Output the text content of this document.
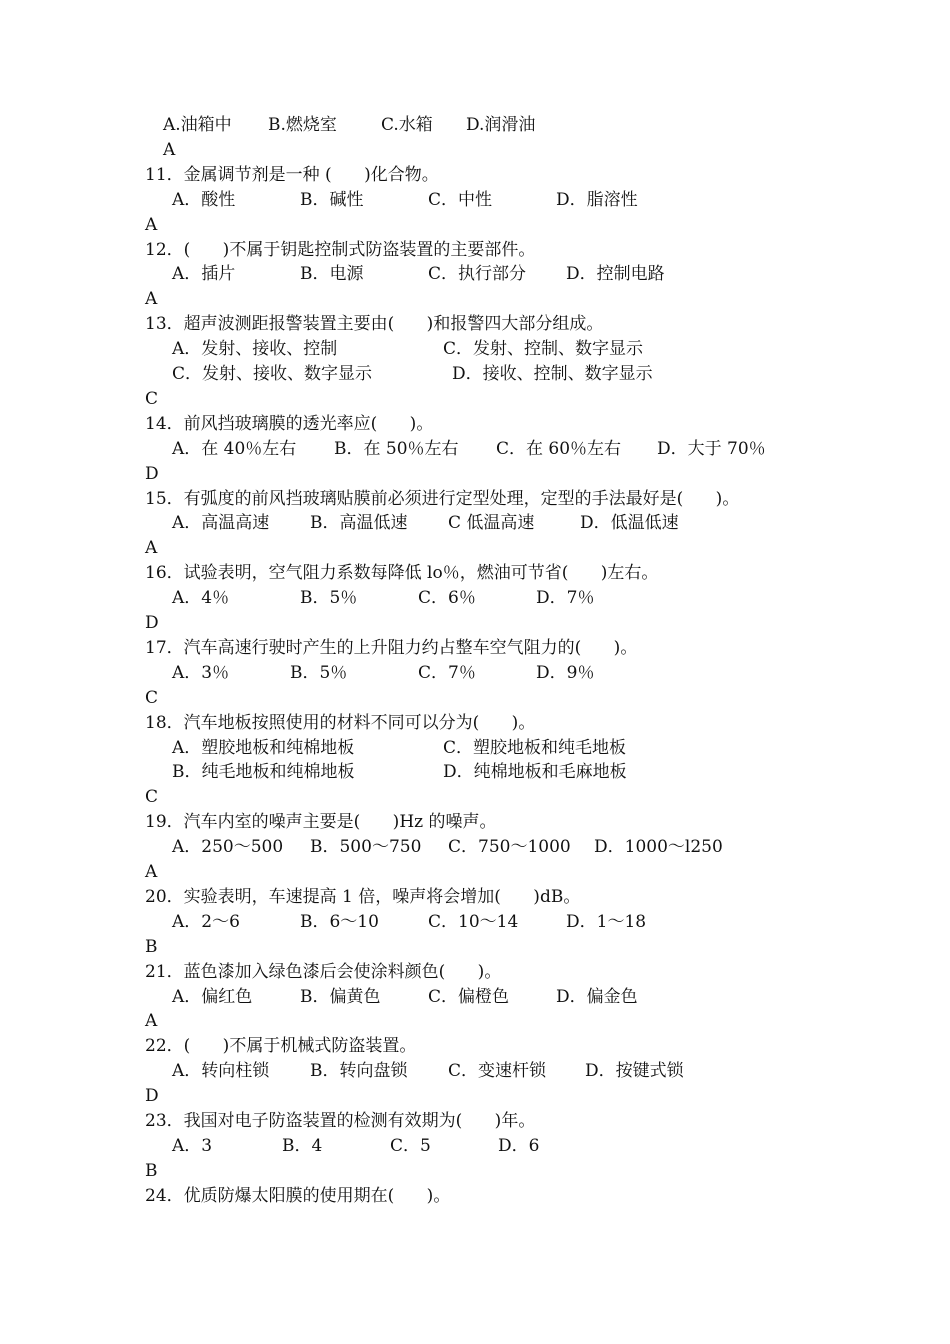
A.油箱中 B.燃烧室	C.水箱 D.润滑油
A
11．金属调节剂是一种 (      )化合物。
A．酸性	B．碱性	C．中性	D．脂溶性
A
12．(      )不属于钥匙控制式防盗装置的主要部件。
A．插片	B．电源	C．执行部分 D．控制电路
A
13．超声波测距报警装置主要由(      )和报警四大部分组成。
A．发射、接收、控制	C．发射、控制、数字显示
C．发射、接收、数字显示	D．接收、控制、数字显示
C
14．前风挡玻璃膜的透光率应(      )。
A．在 40％左右 B．在 50％左右 C．在 60％左右 D．大于 70％
D
15．有弧度的前风挡玻璃贴膜前必须进行定型处理，定型的手法最好是(      )。
A．高温高速 B．高温低速 C 低温高速	D．低温低速
A
16．试验表明，空气阻力系数每降低 lo％，燃油可节省(      )左右。
A．4％	B．5％	C．6％	D．7％
D
17．汽车高速行驶时产生的上升阻力约占整车空气阻力的(      )。
A．3％	B．5％	C．7％	D．9％
C
18．汽车地板按照使用的材料不同可以分为(      )。
A．塑胶地板和纯棉地板	C．塑胶地板和纯毛地板
B．纯毛地板和纯棉地板	D．纯棉地板和毛麻地板
C
19．汽车内室的噪声主要是(      )Hz 的噪声。
A．250～500 B．500～750 C．750～1000 D．1000～l250
A
20．实验表明，车速提高 1 倍，噪声将会增加(      )dB。
A．2～6	B．6～10	C．10～14	D．1～18
B
21．蓝色漆加入绿色漆后会使涂料颜色(      )。
A．偏红色	B．偏黄色	C．偏橙色	D．偏金色
A
22．(      )不属于机械式防盗装置。
A．转向柱锁 B．转向盘锁 C．变速杆锁 D．按键式锁
D
23．我国对电子防盗装置的检测有效期为(      )年。
A．3	B．4	C．5	D．6
B
24．优质防爆太阳膜的使用期在(      )。
